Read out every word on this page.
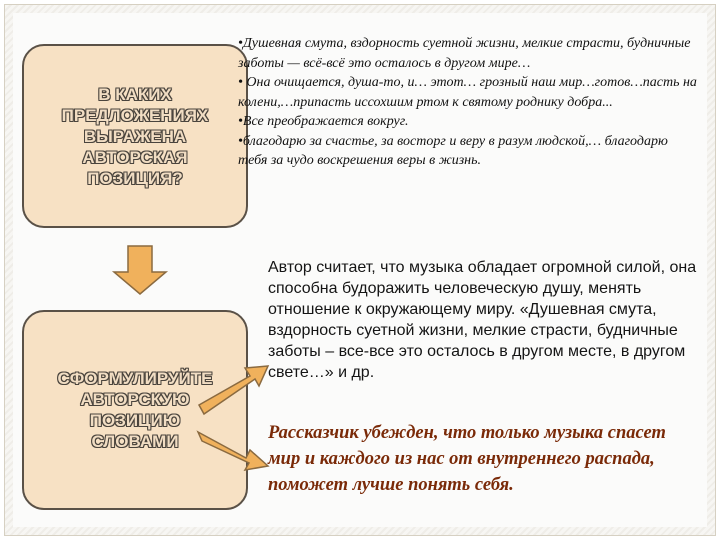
В КАКИХ
ПРЕДЛОЖЕНИЯХ
ВЫРАЖЕНА
АВТОРСКАЯ
ПОЗИЦИЯ?
СФОРМУЛИРУЙТЕ
АВТОРСКУЮ
ПОЗИЦИЮ
СЛОВАМИ

•Душевная смута, вздорность суетной жизни, мелкие страсти, будничные заботы — всё-всё это осталось в другом мире…

• Она очищается, душа-то, и… этот… грозный наш мир…готов…пасть на колени,…припасть иссохшим ртом к святому роднику добра...

•Все преображается вокруг.

•благодарю за счастье, за восторг и веру в разум людской,… благодарю тебя за чудо воскрешения веры в жизнь.

Автор считает, что музыка обладает огромной силой, она способна будоражить человеческую душу, менять отношение к окружающему миру. «Душевная смута, вздорность суетной жизни, мелкие страсти, будничные заботы – все-все это осталось в другом месте, в другом свете…» и др.
Рассказчик убежден, что только музыка спасет мир и каждого из нас от внутреннего распада, поможет лучше понять себя.
